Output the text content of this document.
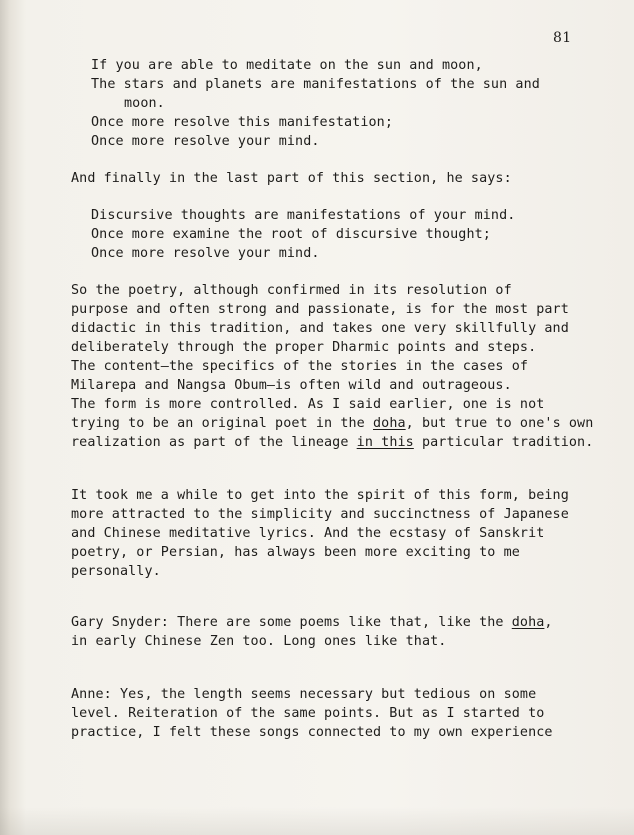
81
If you are able to meditate on the sun and moon,
The stars and planets are manifestations of the sun and
moon.
Once more resolve this manifestation;
Once more resolve your mind.
And finally in the last part of this section, he says:
Discursive thoughts are manifestations of your mind.
Once more examine the root of discursive thought;
Once more resolve your mind.
So the poetry, although confirmed in its resolution of
purpose and often strong and passionate, is for the most part
didactic in this tradition, and takes one very skillfully and
deliberately through the proper Dharmic points and steps.
The content—the specifics of the stories in the cases of
Milarepa and Nangsa Obum—is often wild and outrageous.
The form is more controlled. As I said earlier, one is not
trying to be an original poet in the doha, but true to one's own
realization as part of the lineage in this particular tradition.
It took me a while to get into the spirit of this form, being
more attracted to the simplicity and succinctness of Japanese
and Chinese meditative lyrics. And the ecstasy of Sanskrit
poetry, or Persian, has always been more exciting to me
personally.
Gary Snyder: There are some poems like that, like the doha,
in early Chinese Zen too. Long ones like that.
Anne: Yes, the length seems necessary but tedious on some
level. Reiteration of the same points. But as I started to
practice, I felt these songs connected to my own experience
